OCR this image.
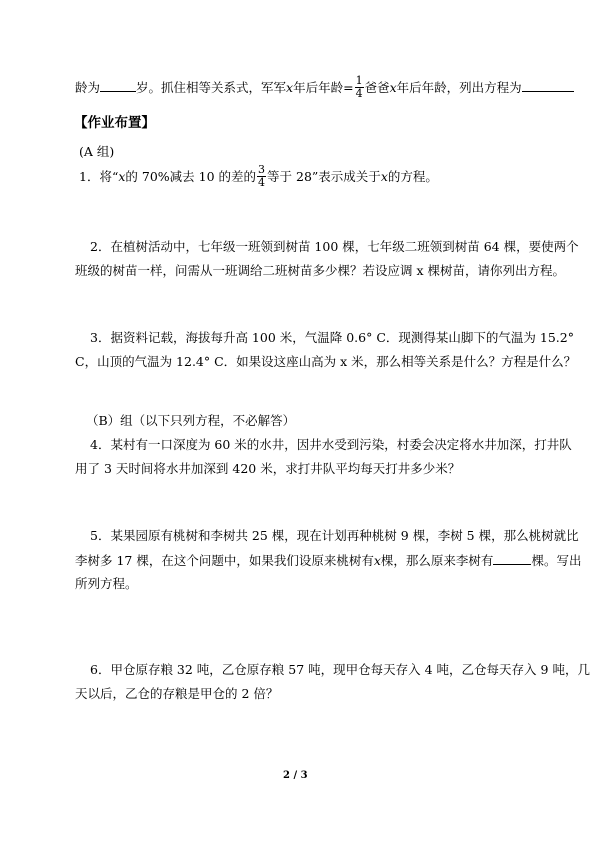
龄为	岁。抓住相等关系式，军军x年后年龄= $\frac{1}{4}$ 爸爸x年后年龄，列出方程为
【作业布置】
(A 组)
1．将“x的 70%减去 10 的差的 $\frac{3}{4}$ 等于 28”表示成关于x的方程。
2．在植树活动中，七年级一班领到树苗 100 棵，七年级二班领到树苗 64 棵，要使两个
班级的树苗一样，问需从一班调给二班树苗多少棵？若设应调 x 棵树苗，请你列出方程。
3．据资料记载，海拔每升高 100 米，气温降 0.6° C．现测得某山脚下的气温为 15.2°
C，山顶的气温为 12.4° C．如果设这座山高为 x 米，那么相等关系是什么？方程是什么？
（B）组（以下只列方程，不必解答）
4．某村有一口深度为 60 米的水井，因井水受到污染，村委会决定将水井加深，打井队
用了 3 天时间将水井加深到 420 米，求打井队平均每天打井多少米？
5．某果园原有桃树和李树共 25 棵，现在计划再种桃树 9 棵，李树 5 棵，那么桃树就比
李树多 17 棵，在这个问题中，如果我们设原来桃树有x棵，那么原来李树有	棵。写出
所列方程。
6．甲仓原存粮 32 吨，乙仓原存粮 57 吨，现甲仓每天存入 4 吨，乙仓每天存入 9 吨，几
天以后，乙仓的存粮是甲仓的 2 倍？
2 / 3
